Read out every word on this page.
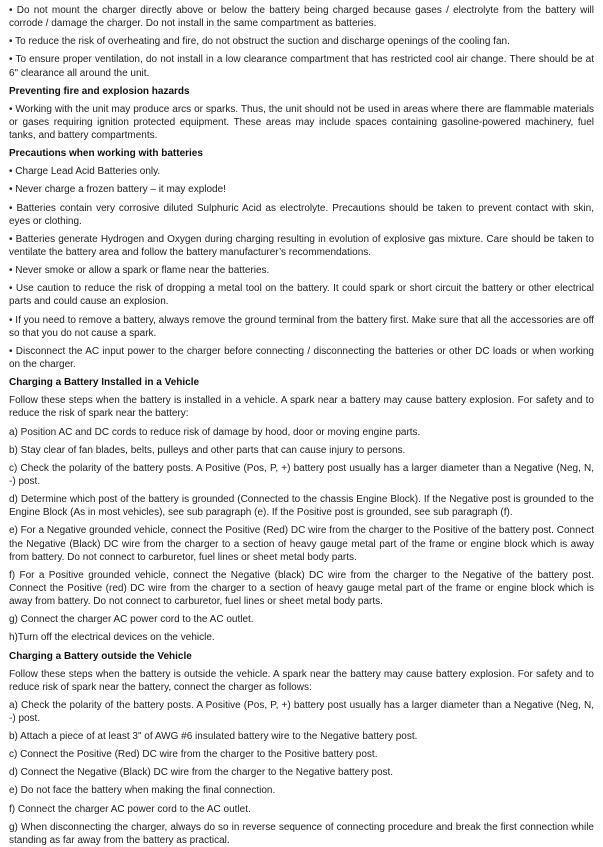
• Do not mount the charger directly above or below the battery being charged because gases / electrolyte from the battery will corrode / damage the charger. Do not install in the same compartment as batteries.

• To reduce the risk of overheating and fire, do not obstruct the suction and discharge openings of the cooling fan.

• To ensure proper ventilation, do not install in a low clearance compartment that has restricted cool air change. There should be at 6" clearance all around the unit.

Preventing fire and explosion hazards

• Working with the unit may produce arcs or sparks. Thus, the unit should not be used in areas where there are flammable materials or gases requiring ignition protected equipment. These areas may include spaces containing gasoline-powered machinery, fuel tanks, and battery compartments.

Precautions when working with batteries

• Charge Lead Acid Batteries only.

• Never charge a frozen battery – it may explode!

• Batteries contain very corrosive diluted Sulphuric Acid as electrolyte. Precautions should be taken to prevent contact with skin, eyes or clothing.

• Batteries generate Hydrogen and Oxygen during charging resulting in evolution of explosive gas mixture. Care should be taken to ventilate the battery area and follow the battery manufacturer’s recommendations.

• Never smoke or allow a spark or flame near the batteries.

• Use caution to reduce the risk of dropping a metal tool on the battery. It could spark or short circuit the battery or other electrical parts and could cause an explosion.

• If you need to remove a battery, always remove the ground terminal from the battery first. Make sure that all the accessories are off so that you do not cause a spark.

• Disconnect the AC input power to the charger before connecting / disconnecting the batteries or other DC loads or when working on the charger.

Charging a Battery Installed in a Vehicle

Follow these steps when the battery is installed in a vehicle. A spark near a battery may cause battery explosion. For safety and to reduce the risk of spark near the battery:

a) Position AC and DC cords to reduce risk of damage by hood, door or moving engine parts.

b) Stay clear of fan blades, belts, pulleys and other parts that can cause injury to persons.

c) Check the polarity of the battery posts. A Positive (Pos, P, +) battery post usually has a larger diameter than a Negative (Neg, N, -) post.

d) Determine which post of the battery is grounded (Connected to the chassis Engine Block). If the Negative post is grounded to the Engine Block (As in most vehicles), see sub paragraph (e). If the Positive post is grounded, see sub paragraph (f).

e) For a Negative grounded vehicle, connect the Positive (Red) DC wire from the charger to the Positive of the battery post. Connect the Negative (Black) DC wire from the charger to a section of heavy gauge metal part of the frame or engine block which is away from battery. Do not connect to carburetor, fuel lines or sheet metal body parts.

f) For a Positive grounded vehicle, connect the Negative (black) DC wire from the charger to the Negative of the battery post. Connect the Positive (red) DC wire from the charger to a section of heavy gauge metal part of the frame or engine block which is away from battery. Do not connect to carburetor, fuel lines or sheet metal body parts.

g) Connect the charger AC power cord to the AC outlet.

h)Turn off the electrical devices on the vehicle.

Charging a Battery outside the Vehicle

Follow these steps when the battery is outside the vehicle. A spark near the battery may cause battery explosion. For safety and to reduce risk of spark near the battery, connect the charger as follows:

a) Check the polarity of the battery posts. A Positive (Pos, P, +) battery post usually has a larger diameter than a Negative (Neg, N, -) post.

b) Attach a piece of at least 3" of AWG #6 insulated battery wire to the Negative battery post.

c) Connect the Positive (Red) DC wire from the charger to the Positive battery post.

d) Connect the Negative (Black) DC wire from the charger to the Negative battery post.

e) Do not face the battery when making the final connection.

f) Connect the charger AC power cord to the AC outlet.

g) When disconnecting the charger, always do so in reverse sequence of connecting procedure and break the first connection while standing as far away from the battery as practical.
